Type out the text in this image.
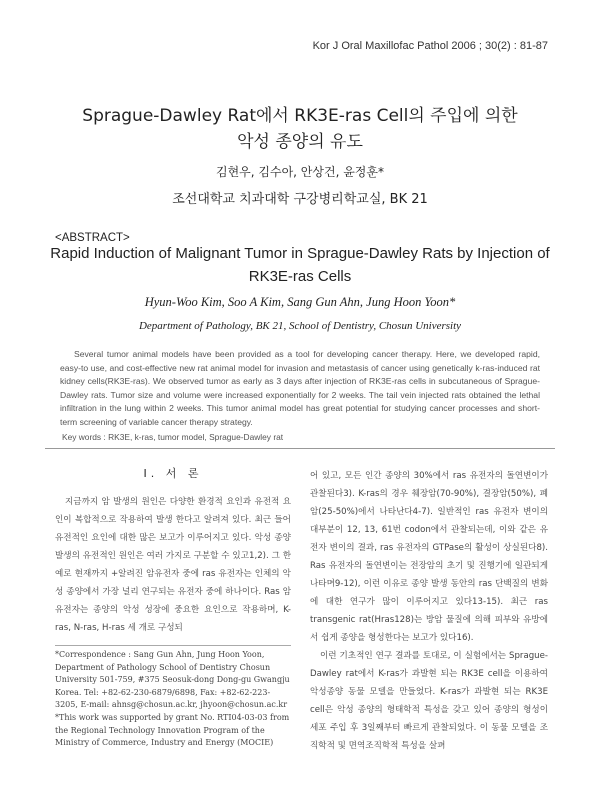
Kor J Oral Maxillofac Pathol 2006 ; 30(2) : 81-87
Sprague-Dawley Rat에서 RK3E-ras Cell의 주입에 의한
악성 종양의 유도
김현우, 김수아, 안상건, 윤정훈*
조선대학교 치과대학 구강병리학교실, BK 21
<ABSTRACT>
Rapid Induction of Malignant Tumor in Sprague-Dawley Rats by Injection of
RK3E-ras Cells
Hyun-Woo Kim, Soo A Kim, Sang Gun Ahn, Jung Hoon Yoon*
Department of Pathology, BK 21, School of Dentistry, Chosun University

Several tumor animal models have been provided as a tool for developing cancer therapy. Here, we developed rapid, easy-to use, and cost-effective new rat animal model for invasion and metastasis of cancer using genetically k-ras-induced rat kidney cells(RK3E-ras). We observed tumor as early as 3 days after injection of RK3E-ras cells in subcutaneous of Sprague-Dawley rats. Tumor size and volume were increased exponentially for 2 weeks. The tail vein injected rats obtained the lethal infiltration in the lung within 2 weeks. This tumor animal model has great potential for studying cancer processes and short-term screening of variable cancer therapy strategy.

Key words : RK3E, k-ras, tumor model, Sprague-Dawley rat
I. 서 론

지금까지 암 발생의 원인은 다양한 환경적 요인과 유전적 요인이 복합적으로 작용하여 발생 한다고 알려져 있다. 최근 들어 유전적인 요인에 대한 많은 보고가 이루어지고 있다. 악성 종양 발생의 유전적인 원인은 여러 가지로 구분할 수 있고1,2). 그 한 예로 현재까지 +알려진 암유전자 중에 ras 유전자는 인체의 악성 종양에서 가장 널리 연구되는 유전자 중에 하나이다. Ras 암유전자는 종양의 악성 성장에 중요한 요인으로 작용하며, K-ras, N-ras, H-ras 세 개로 구성되

*Correspondence : Sang Gun Ahn, Jung Hoon Yoon, Department of Pathology School of Dentistry Chosun University 501-759, #375 Seosuk-dong Dong-gu Gwangju Korea. Tel: +82-62-230-6879/6898, Fax: +82-62-223-3205, E-mail: ahnsg@chosun.ac.kr, jhyoon@chosun.ac.kr

*This work was supported by grant No. RTI04-03-03 from the Regional Technology Innovation Program of the Ministry of Commerce, Industry and Energy (MOCIE)

어 있고, 모든 인간 종양의 30%에서 ras 유전자의 돌연변이가 관찰된다3). K-ras의 경우 췌장암(70-90%), 결장암(50%), 폐암(25-50%)에서 나타난다4-7). 일반적인 ras 유전자 변이의 대부분이 12, 13, 61번 codon에서 관찰되는데, 이와 같은 유전자 변이의 결과, ras 유전자의 GTPase의 활성이 상실된다8). Ras 유전자의 돌연변이는 전장암의 초기 및 진행기에 일관되게 나타며9-12), 이런 이유로 종양 발생 동안의 ras 단백질의 변화에 대한 연구가 많이 이루어지고 있다13-15). 최근 ras transgenic rat(Hras128)는 방암 물질에 의해 피부와 유방에서 쉽게 종양을 형성한다는 보고가 있다16).

이런 기초적인 연구 결과를 토대로, 이 실험에서는 Sprague-Dawley rat에서 K-ras가 과발현 되는 RK3E cell을 이용하여 악성종양 동물 모델을 만들었다. K-ras가 과발현 되는 RK3E cell은 악성 종양의 형태학적 특성을 갖고 있어 종양의 형성이 세포 주입 후 3일째부터 빠르게 관찰되었다. 이 동물 모델을 조직학적 및 면역조직학적 특성을 살펴
